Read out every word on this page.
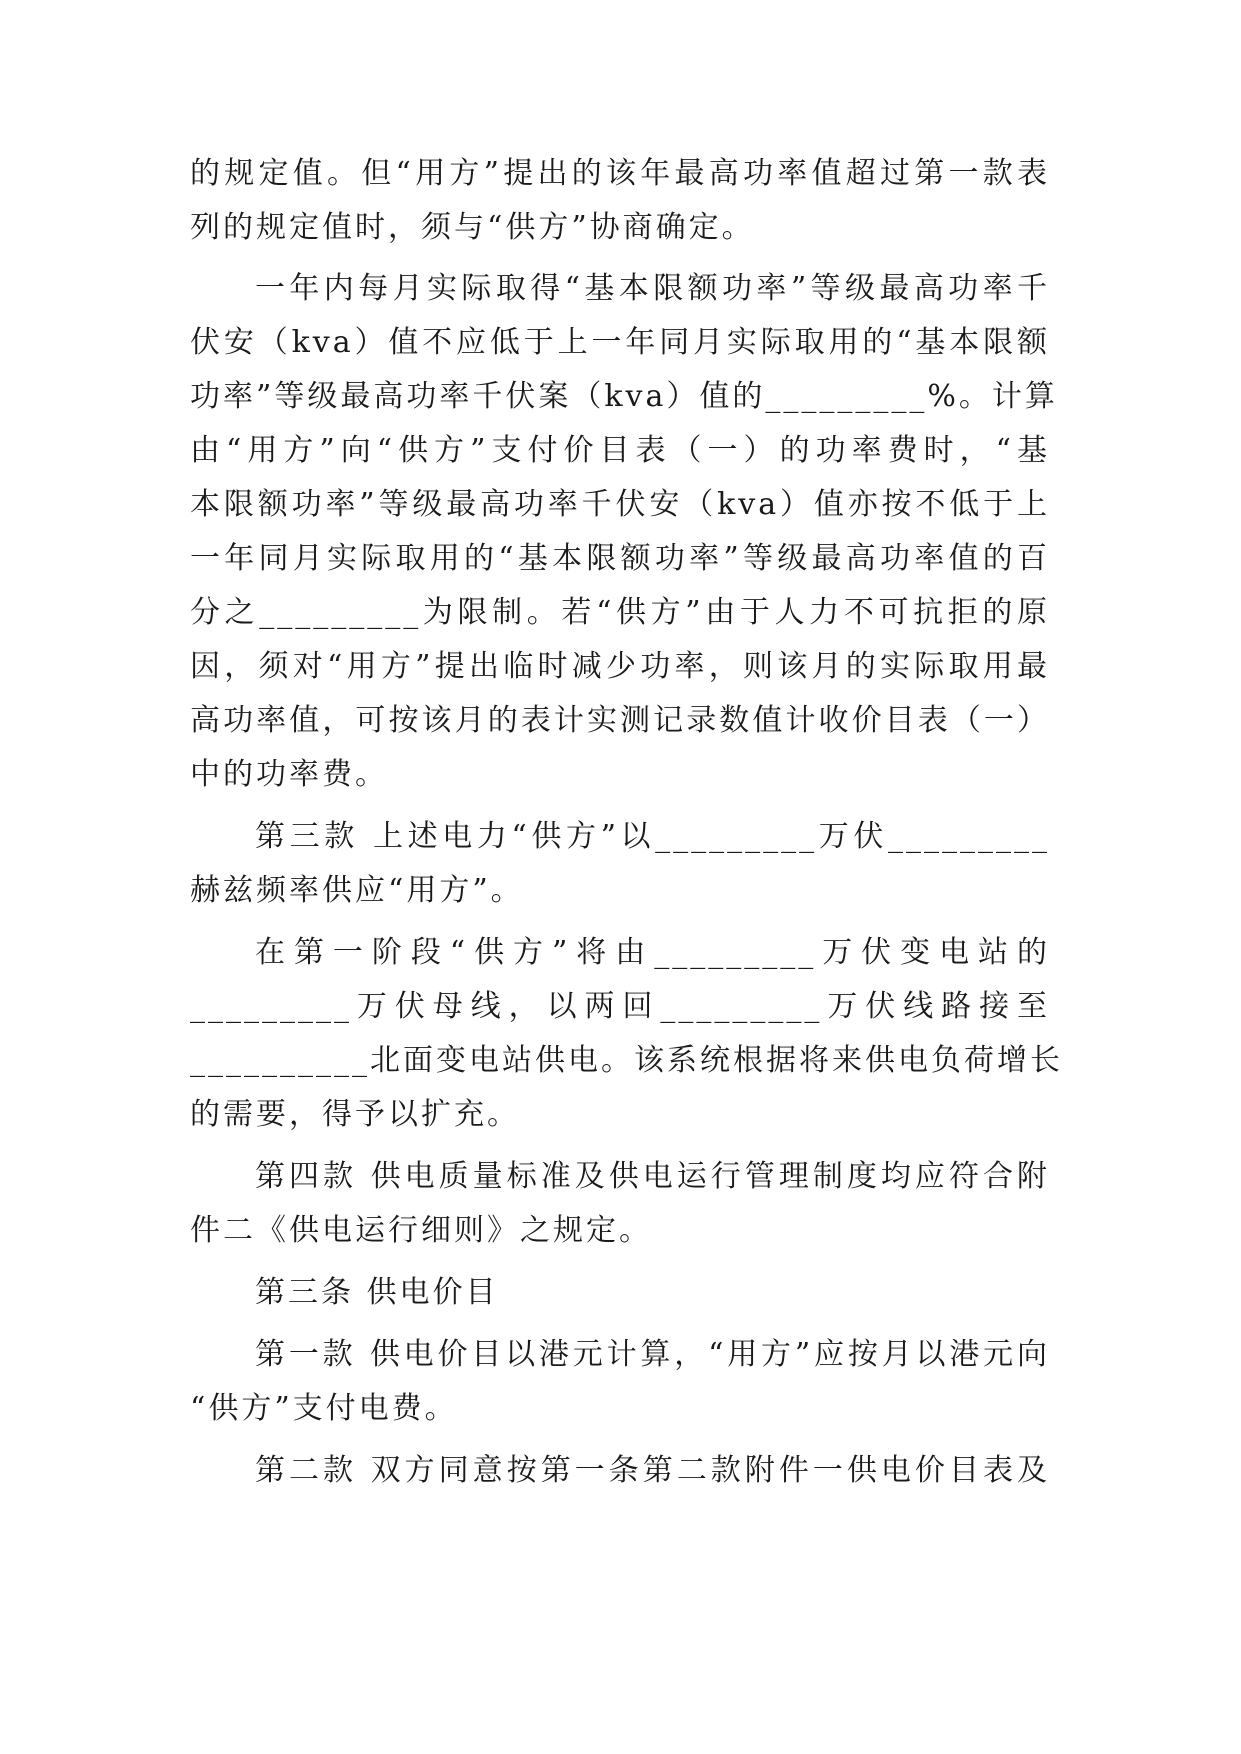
的规定值。但“用方”提出的该年最高功率值超过第一款表
列的规定值时，须与“供方”协商确定。
一年内每月实际取得“基本限额功率”等级最高功率千
伏安（kva）值不应低于上一年同月实际取用的“基本限额
功率”等级最高功率千伏案（kva）值的_________%。计算
由“用方”向“供方”支付价目表（一）的功率费时，“基
本限额功率”等级最高功率千伏安（kva）值亦按不低于上
一年同月实际取用的“基本限额功率”等级最高功率值的百
分之_________为限制。若“供方”由于人力不可抗拒的原
因，须对“用方”提出临时减少功率，则该月的实际取用最
高功率值，可按该月的表计实测记录数值计收价目表（一）
中的功率费。
第三款 上述电力“供方”以_________万伏_________
赫兹频率供应“用方”。
在第一阶段“供方”将由_________万伏变电站的
_________万伏母线，以两回_________万伏线路接至
__________北面变电站供电。该系统根据将来供电负荷增长
的需要，得予以扩充。
第四款 供电质量标准及供电运行管理制度均应符合附
件二《供电运行细则》之规定。
第三条 供电价目
第一款 供电价目以港元计算，“用方”应按月以港元向
“供方”支付电费。
第二款 双方同意按第一条第二款附件一供电价目表及
